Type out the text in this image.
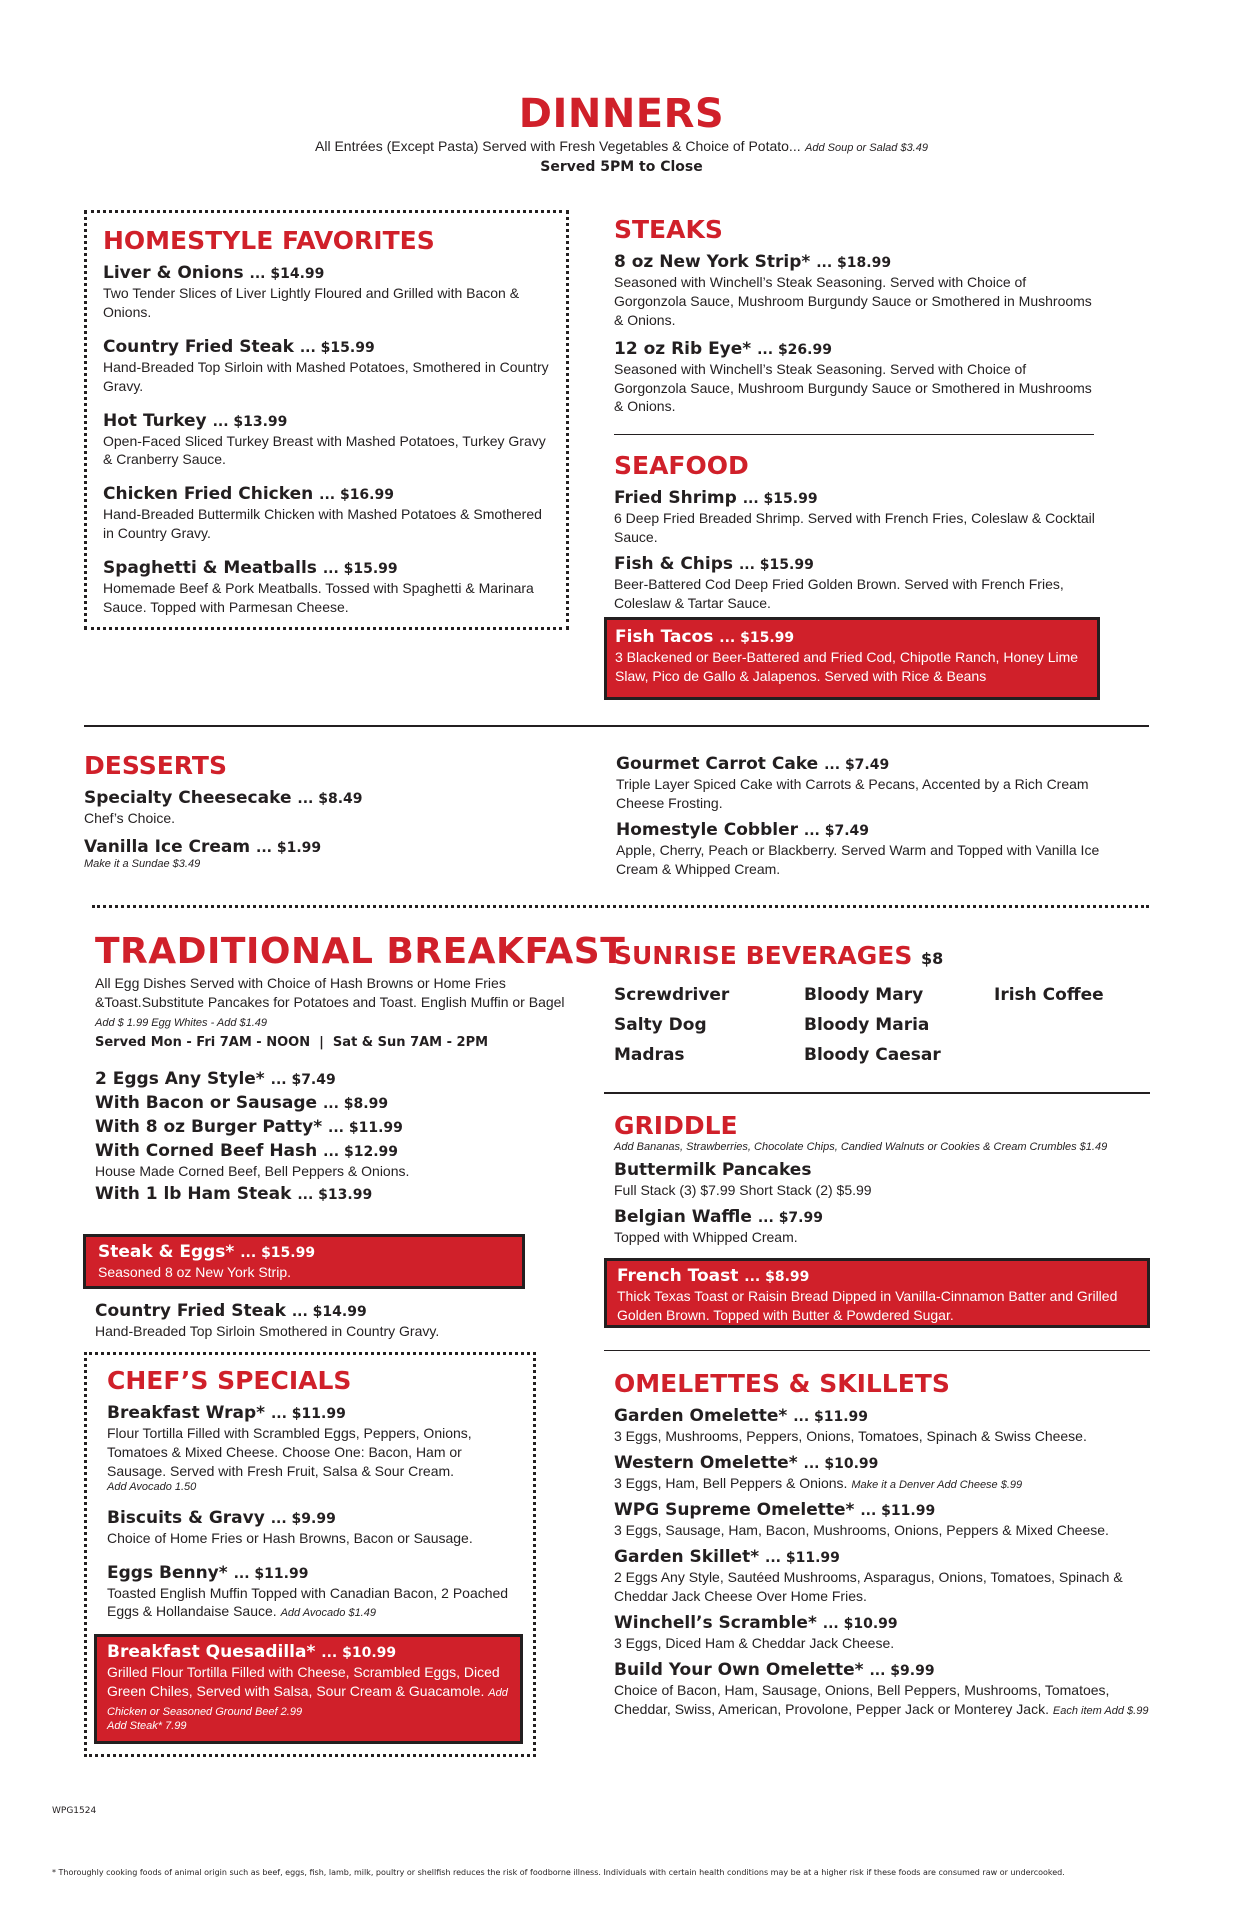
DINNERS
All Entrées (Except Pasta) Served with Fresh Vegetables & Choice of Potato... Add Soup or Salad $3.49
Served 5PM to Close
HOMESTYLE FAVORITES
Liver & Onions ... $14.99
Two Tender Slices of Liver Lightly Floured and Grilled with Bacon & Onions.
Country Fried Steak ... $15.99
Hand-Breaded Top Sirloin with Mashed Potatoes, Smothered in Country Gravy.
Hot Turkey ... $13.99
Open-Faced Sliced Turkey Breast with Mashed Potatoes, Turkey Gravy & Cranberry Sauce.
Chicken Fried Chicken ... $16.99
Hand-Breaded Buttermilk Chicken with Mashed Potatoes & Smothered in Country Gravy.
Spaghetti & Meatballs ... $15.99
Homemade Beef & Pork Meatballs. Tossed with Spaghetti & Marinara Sauce. Topped with Parmesan Cheese.
STEAKS
8 oz New York Strip* ... $18.99
Seasoned with Winchell’s Steak Seasoning. Served with Choice of Gorgonzola Sauce, Mushroom Burgundy Sauce or Smothered in Mushrooms & Onions.
12 oz Rib Eye* ... $26.99
Seasoned with Winchell’s Steak Seasoning. Served with Choice of Gorgonzola Sauce, Mushroom Burgundy Sauce or Smothered in Mushrooms & Onions.
SEAFOOD
Fried Shrimp ... $15.99
6 Deep Fried Breaded Shrimp. Served with French Fries, Coleslaw & Cocktail Sauce.
Fish & Chips ... $15.99
Beer-Battered Cod Deep Fried Golden Brown. Served with French Fries, Coleslaw & Tartar Sauce.
Fish Tacos ... $15.99
3 Blackened or Beer-Battered and Fried Cod, Chipotle Ranch, Honey Lime Slaw, Pico de Gallo & Jalapenos. Served with Rice & Beans
DESSERTS
Specialty Cheesecake ... $8.49
Chef’s Choice.
Vanilla Ice Cream ... $1.99
Make it a Sundae $3.49
Gourmet Carrot Cake ... $7.49
Triple Layer Spiced Cake with Carrots & Pecans, Accented by a Rich Cream Cheese Frosting.
Homestyle Cobbler ... $7.49
Apple, Cherry, Peach or Blackberry. Served Warm and Topped with Vanilla Ice Cream & Whipped Cream.
TRADITIONAL BREAKFAST
All Egg Dishes Served with Choice of Hash Browns or Home Fries &Toast.Substitute Pancakes for Potatoes and Toast. English Muffin or Bagel Add $ 1.99 Egg Whites - Add $1.49
Served Mon - Fri 7AM - NOON  |  Sat & Sun 7AM - 2PM
2 Eggs Any Style* ... $7.49
With Bacon or Sausage ... $8.99
With 8 oz Burger Patty* ... $11.99
With Corned Beef Hash ... $12.99
House Made Corned Beef, Bell Peppers & Onions.
With 1 lb Ham Steak ... $13.99
Steak & Eggs* ... $15.99
Seasoned 8 oz New York Strip.
Country Fried Steak ... $14.99
Hand-Breaded Top Sirloin Smothered in Country Gravy.
CHEF’S SPECIALS
Breakfast Wrap* ... $11.99
Flour Tortilla Filled with Scrambled Eggs, Peppers, Onions, Tomatoes & Mixed Cheese. Choose One: Bacon, Ham or Sausage. Served with Fresh Fruit, Salsa & Sour Cream.
Add Avocado 1.50
Biscuits & Gravy ... $9.99
Choice of Home Fries or Hash Browns, Bacon or Sausage.
Eggs Benny* ... $11.99
Toasted English Muffin Topped with Canadian Bacon, 2 Poached Eggs & Hollandaise Sauce. Add Avocado $1.49
Breakfast Quesadilla* ... $10.99
Grilled Flour Tortilla Filled with Cheese, Scrambled Eggs, Diced Green Chiles, Served with Salsa, Sour Cream & Guacamole. Add Chicken or Seasoned Ground Beef 2.99
Add Steak* 7.99
SUNRISE BEVERAGES $8
Screwdriver	Bloody Mary	Irish Coffee
Salty Dog	Bloody Maria
Madras	Bloody Caesar
GRIDDLE
Add Bananas, Strawberries, Chocolate Chips, Candied Walnuts or Cookies & Cream Crumbles $1.49
Buttermilk Pancakes
Full Stack (3) $7.99 Short Stack (2) $5.99
Belgian Waffle ... $7.99
Topped with Whipped Cream.
French Toast ... $8.99
Thick Texas Toast or Raisin Bread Dipped in Vanilla-Cinnamon Batter and Grilled Golden Brown. Topped with Butter & Powdered Sugar.
OMELETTES & SKILLETS
Garden Omelette* ... $11.99
3 Eggs, Mushrooms, Peppers, Onions, Tomatoes, Spinach & Swiss Cheese.
Western Omelette* ... $10.99
3 Eggs, Ham, Bell Peppers & Onions. Make it a Denver Add Cheese $.99
WPG Supreme Omelette* ... $11.99
3 Eggs, Sausage, Ham, Bacon, Mushrooms, Onions, Peppers & Mixed Cheese.
Garden Skillet* ... $11.99
2 Eggs Any Style, Sautéed Mushrooms, Asparagus, Onions, Tomatoes, Spinach & Cheddar Jack Cheese Over Home Fries.
Winchell’s Scramble* ... $10.99
3 Eggs, Diced Ham & Cheddar Jack Cheese.
Build Your Own Omelette* ... $9.99
Choice of Bacon, Ham, Sausage, Onions, Bell Peppers, Mushrooms, Tomatoes, Cheddar, Swiss, American, Provolone, Pepper Jack or Monterey Jack. Each item Add $.99
WPG1524
* Thoroughly cooking foods of animal origin such as beef, eggs, fish, lamb, milk, poultry or shellfish reduces the risk of foodborne illness. Individuals with certain health conditions may be at a higher risk if these foods are consumed raw or undercooked.
